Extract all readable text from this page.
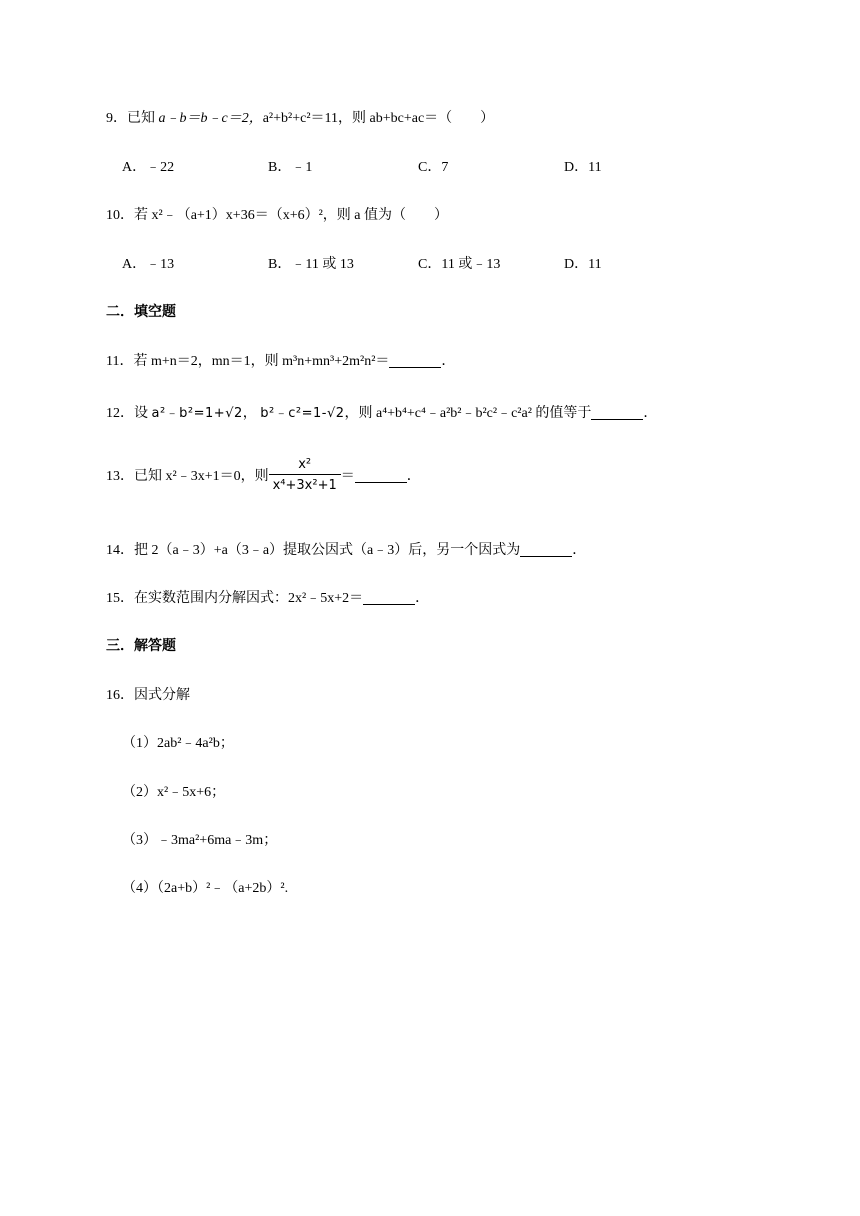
9．已知 a﹣b＝b﹣c＝2，a²+b²+c²＝11，则 ab+bc+ac＝（　　）
A．﹣22	B．﹣1	C．7	D．11
10．若 x²﹣（a+1）x+36＝（x+6）²，则 a 值为（　　）
A．﹣13	B．﹣11 或 13	C．11 或﹣13	D．11
二．填空题
11．若 m+n＝2，mn＝1，则 m³n+mn³+2m²n²＝	．
12．设 a²﹣b²=1+√2， b²﹣c²=1-√2，则 a⁴+b⁴+c⁴﹣a²b²﹣b²c²﹣c²a² 的值等于	．
13．已知 x²﹣3x+1＝0，则 $\frac{\text{x²}}{\text{x⁴+3x²+1}}$ ＝	．
14．把 2（a﹣3）+a（3﹣a）提取公因式（a﹣3）后，另一个因式为	．
15．在实数范围内分解因式：2x²﹣5x+2＝	．
三．解答题
16．因式分解
（1）2ab²﹣4a²b；
（2）x²﹣5x+6；
（3）﹣3ma²+6ma﹣3m；
（4）（2a+b）²﹣（a+2b）².
